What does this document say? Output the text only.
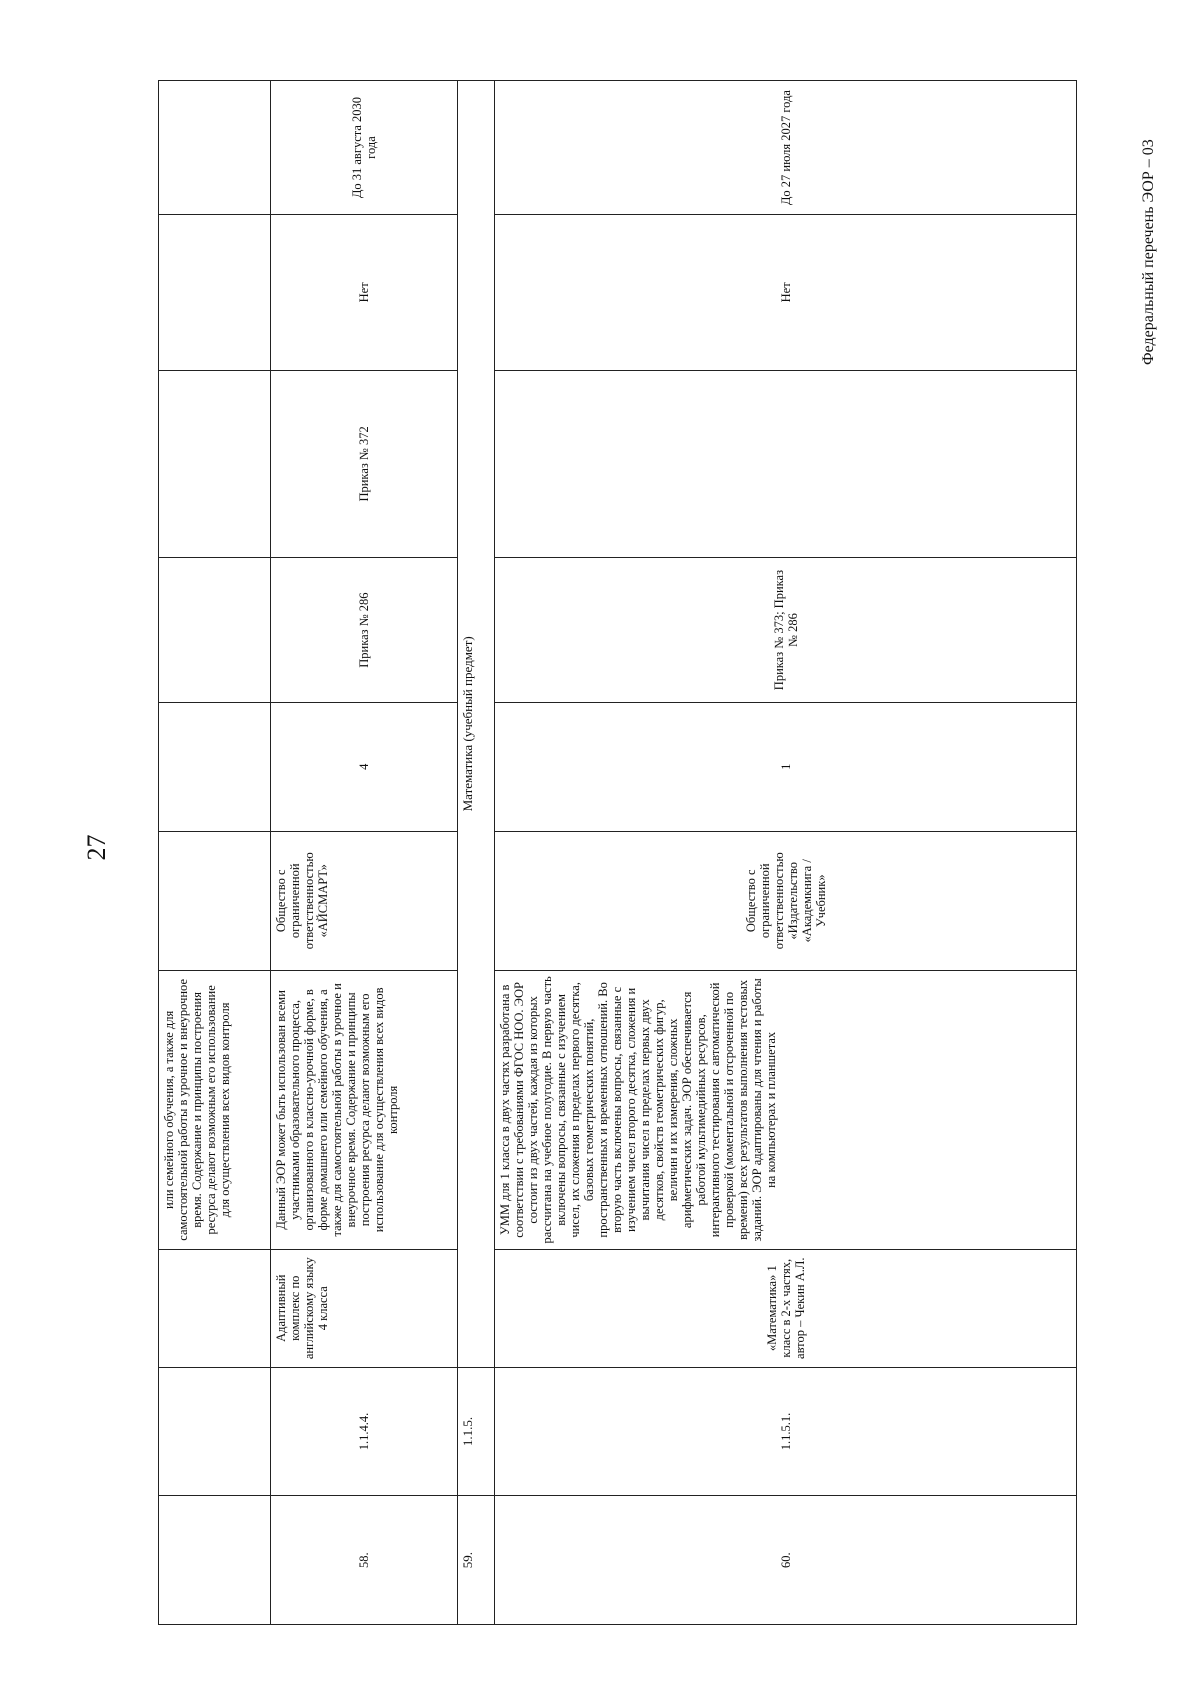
27
			или семейного обучения, а также для самостоятельной работы в урочное и внеурочное время. Содержание и принципы построения ресурса делают возможным его использование для осуществления всех видов контроля						
58.	1.1.4.4.	Адаптивный комплекс по английскому языку 4 класса	Данный ЭОР может быть использован всеми участниками образовательного процесса, организованного в классно-урочной форме, в форме домашнего или семейного обучения, а также для самостоятельной работы в урочное и внеурочное время. Содержание и принципы построения ресурса делают возможным его использование для осуществления всех видов контроля	Общество с ограниченной ответственностью «АЙСМАРТ»	4	Приказ № 286	Приказ № 372	Нет	До 31 августа 2030 года
59.	1.1.5.	Математика (учебный предмет)							
60.	1.1.5.1.	«Математика» 1 класс в 2-х частях, автор – Чекин А.Л.	УММ для 1 класса в двух частях разработана в соответствии с требованиями ФГОС НОО. ЭОР состоит из двух частей, каждая из которых рассчитана на учебное полугодие. В первую часть включены вопросы, связанные с изучением чисел, их сложения в пределах первого десятка, базовых геометрических понятий, пространственных и временных отношений. Во вторую часть включены вопросы, связанные с изучением чисел второго десятка, сложения и вычитания чисел в пределах первых двух десятков, свойств геометрических фигур, величин и их измерения, сложных арифметических задач. ЭОР обеспечивается работой мультимедийных ресурсов, интерактивного тестирования с автоматической проверкой (моментальной и отсроченной по времени) всех результатов выполнения тестовых заданий. ЭОР адаптированы для чтения и работы на компьютерах и планшетах	Общество с ограниченной ответственностью «Издательство «Академкнига / Учебник»	1	Приказ № 373; Приказ № 286		Нет	До 27 июля 2027 года	Федеральный перечень ЭОР – 03
